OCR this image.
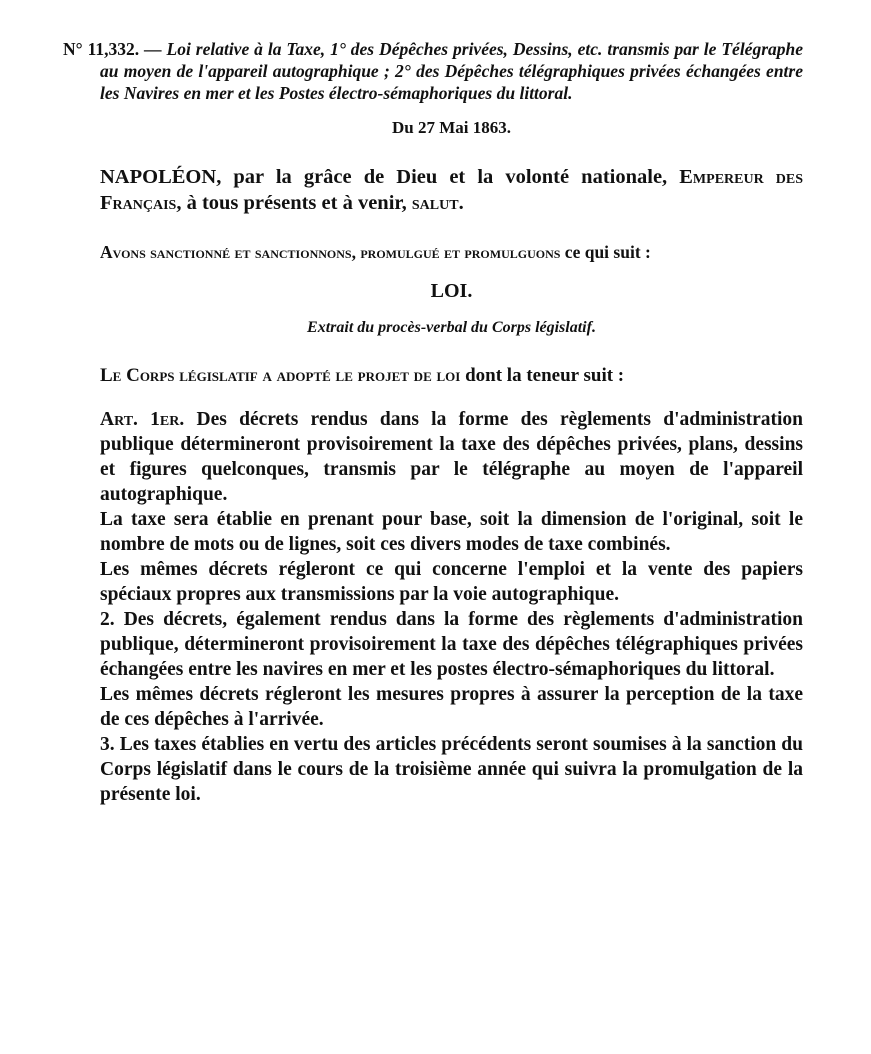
N° 11,332. — Loi relative à la Taxe, 1° des Dépêches privées, Dessins, etc. transmis par le Télégraphe au moyen de l'appareil autographique ; 2° des Dépêches télégraphiques privées échangées entre les Navires en mer et les Postes électro-sémaphoriques du littoral.
Du 27 Mai 1863.
NAPOLÉON, par la grâce de Dieu et la volonté nationale, Empereur des Français, à tous présents et à venir, salut.
Avons sanctionné et sanctionnons, promulgué et promulguons ce qui suit :
LOI.
Extrait du procès-verbal du Corps législatif.
Le Corps législatif a adopté le projet de loi dont la teneur suit :
Art. 1er. Des décrets rendus dans la forme des règlements d'administration publique détermineront provisoirement la taxe des dépêches privées, plans, dessins et figures quelconques, transmis par le télégraphe au moyen de l'appareil autographique.
La taxe sera établie en prenant pour base, soit la dimension de l'original, soit le nombre de mots ou de lignes, soit ces divers modes de taxe combinés.
Les mêmes décrets régleront ce qui concerne l'emploi et la vente des papiers spéciaux propres aux transmissions par la voie autographique.
2. Des décrets, également rendus dans la forme des règlements d'administration publique, détermineront provisoirement la taxe des dépêches télégraphiques privées échangées entre les navires en mer et les postes électro-sémaphoriques du littoral.
Les mêmes décrets régleront les mesures propres à assurer la perception de la taxe de ces dépêches à l'arrivée.
3. Les taxes établies en vertu des articles précédents seront soumises à la sanction du Corps législatif dans le cours de la troisième année qui suivra la promulgation de la présente loi.
